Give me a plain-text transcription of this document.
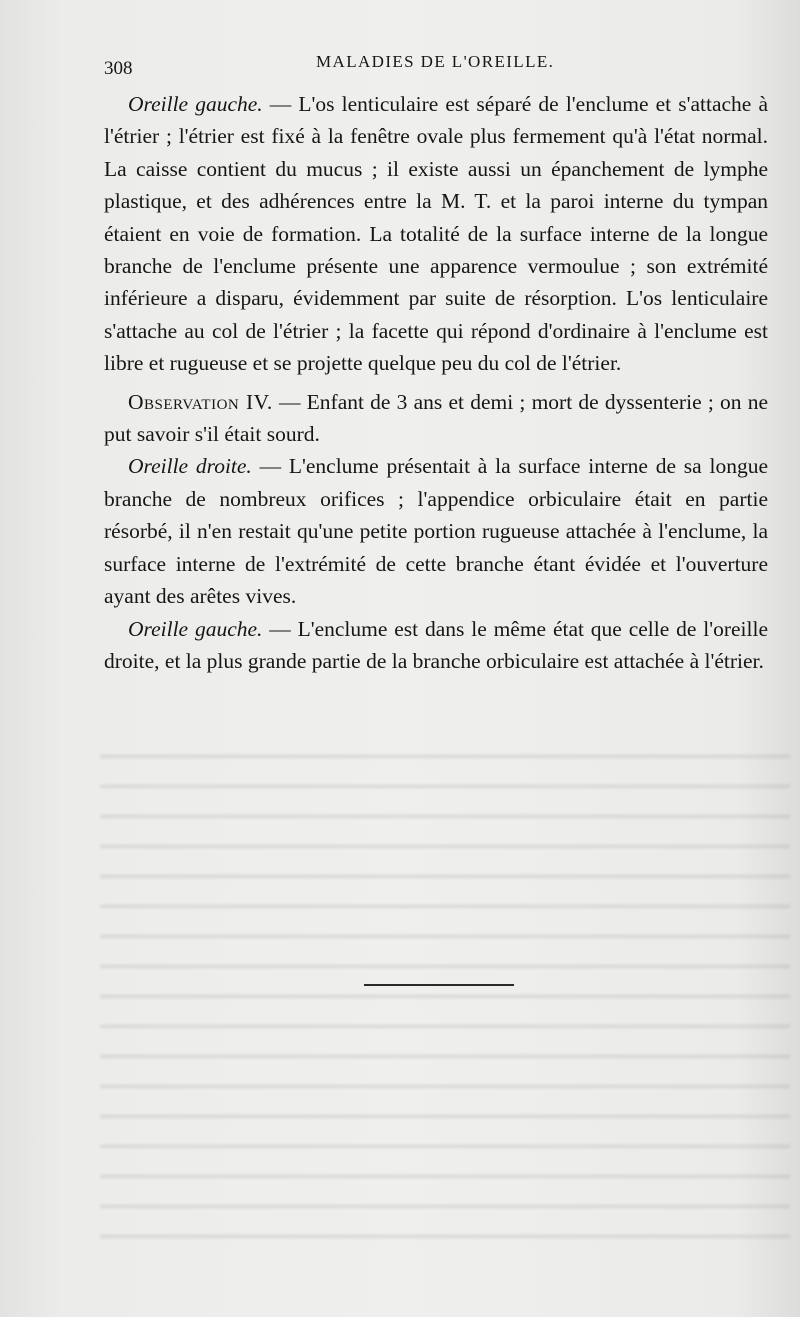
308	MALADIES DE L'OREILLE.

Oreille gauche. — L'os lenticulaire est séparé de l'enclume et s'attache à l'étrier ; l'étrier est fixé à la fenêtre ovale plus fermement qu'à l'état normal. La caisse contient du mucus ; il existe aussi un épanchement de lymphe plastique, et des adhérences entre la M. T. et la paroi interne du tympan étaient en voie de formation. La totalité de la surface interne de la longue branche de l'enclume présente une apparence vermoulue ; son extrémité inférieure a disparu, évidemment par suite de résorption. L'os lenticulaire s'attache au col de l'étrier ; la facette qui répond d'ordinaire à l'enclume est libre et rugueuse et se projette quelque peu du col de l'étrier.

Observation IV. — Enfant de 3 ans et demi ; mort de dyssenterie ; on ne put savoir s'il était sourd.

Oreille droite. — L'enclume présentait à la surface interne de sa longue branche de nombreux orifices ; l'appendice orbiculaire était en partie résorbé, il n'en restait qu'une petite portion rugueuse attachée à l'enclume, la surface interne de l'extrémité de cette branche étant évidée et l'ouverture ayant des arêtes vives.

Oreille gauche. — L'enclume est dans le même état que celle de l'oreille droite, et la plus grande partie de la branche orbiculaire est attachée à l'étrier.
